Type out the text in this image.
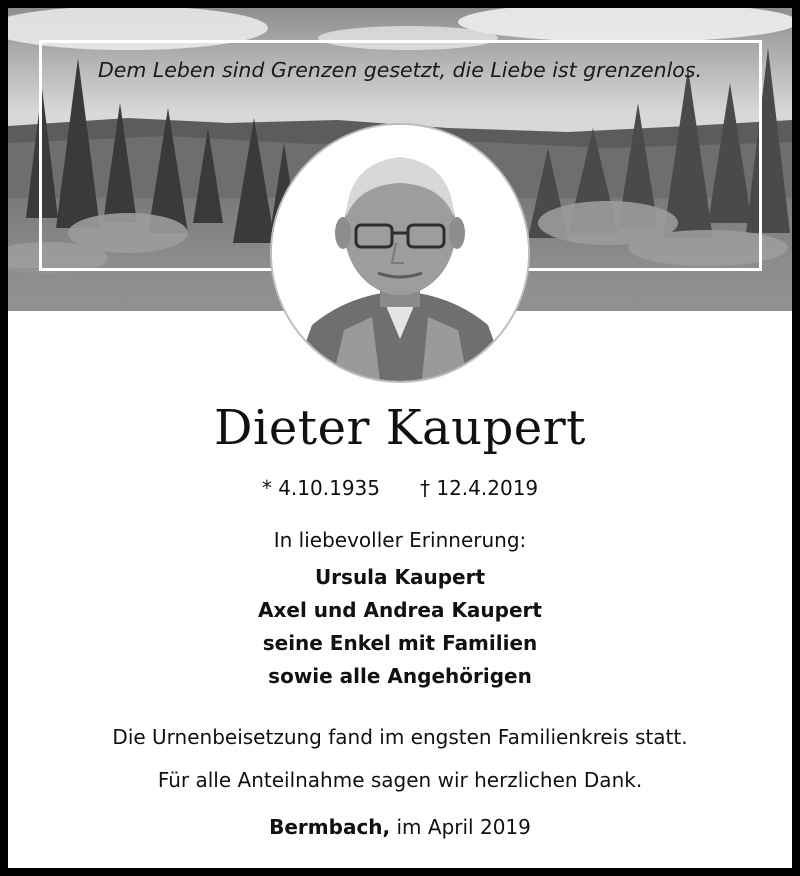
Dem Leben sind Grenzen gesetzt, die Liebe ist grenzenlos.
Dieter Kaupert
* 4.10.1935 † 12.4.2019
In liebevoller Erinnerung:
Ursula Kaupert
Axel und Andrea Kaupert
seine Enkel mit Familien
sowie alle Angehörigen
Die Urnenbeisetzung fand im engsten Familienkreis statt.
Für alle Anteilnahme sagen wir herzlichen Dank.
Bermbach, im April 2019
